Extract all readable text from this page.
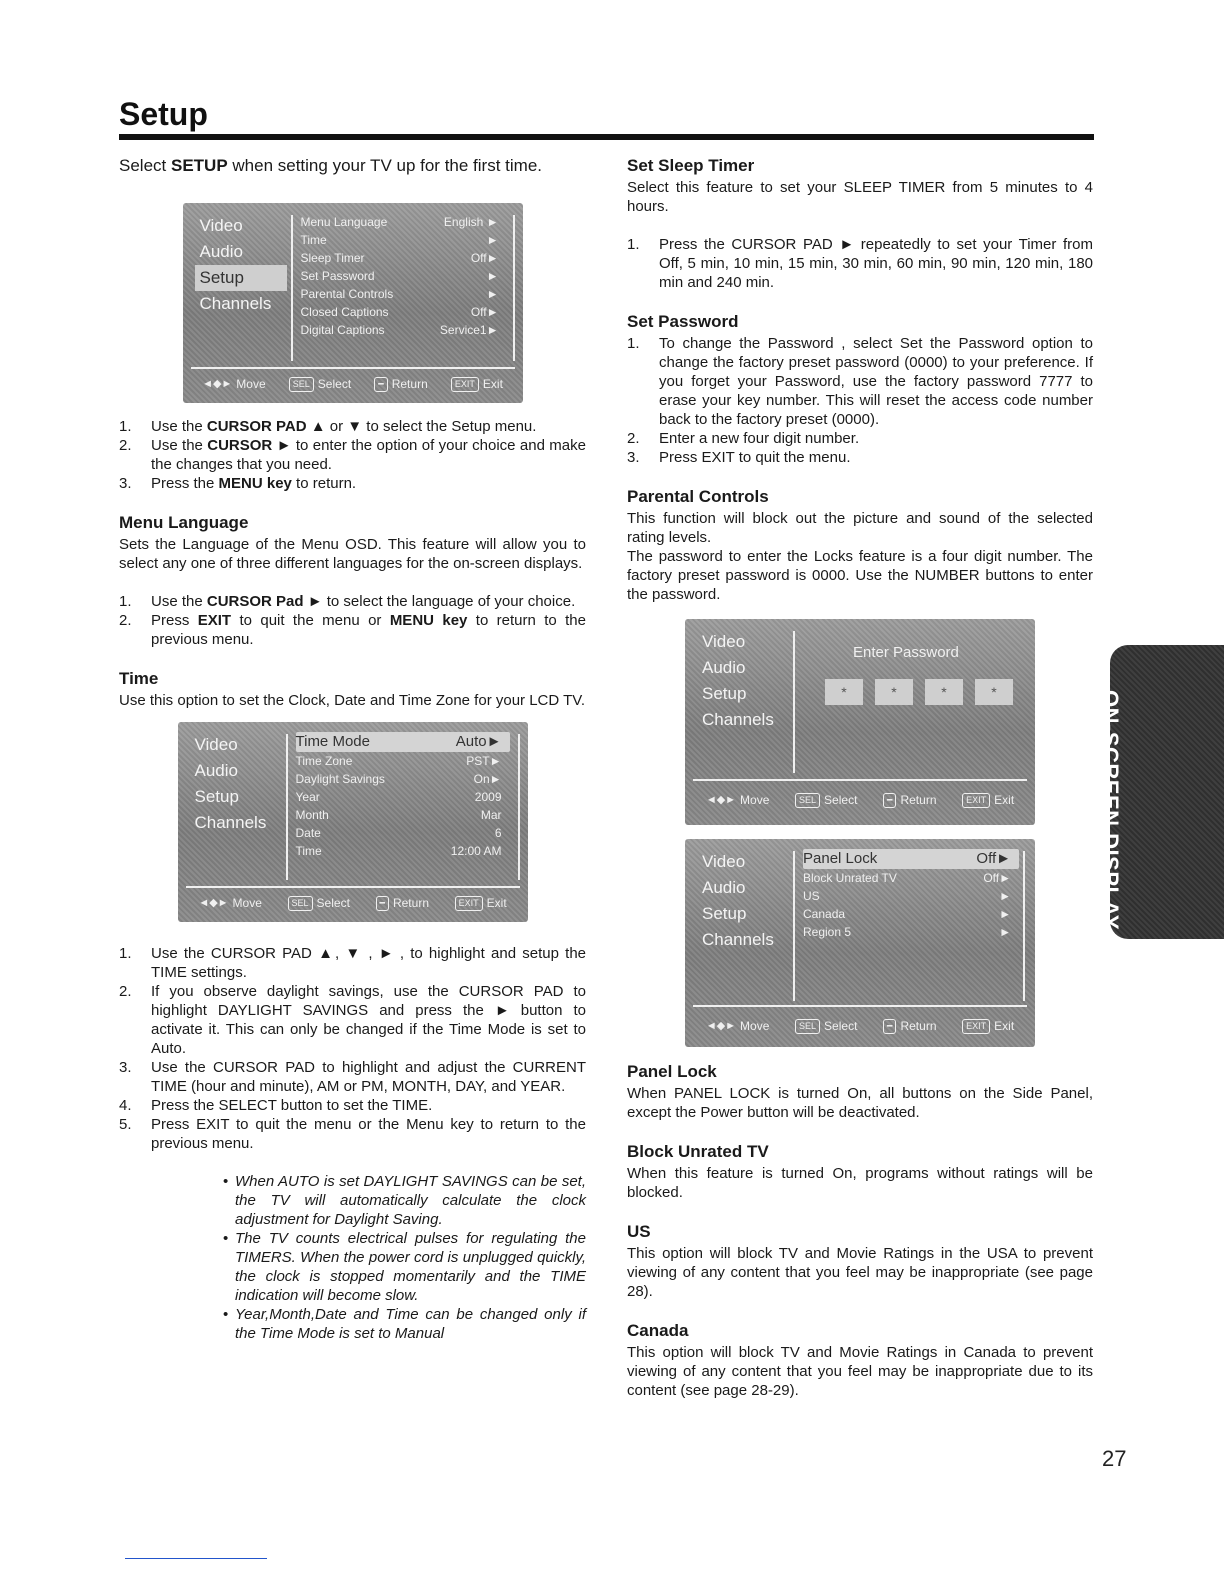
Setup

Select SETUP when setting your TV up for the first time.

Video
Audio
Setup
Channels
Menu Language	English ►
Time	►
Sleep Timer	Off►
Set Password	►
Parental Controls	►
Closed Captions	Off►
Digital Captions	Service1►
◄◆► Move	SEL Select	━ Return	EXIT Exit
1. Use the CURSOR PAD ▲ or ▼ to select the Setup menu.
2. Use the CURSOR ► to enter the option of your choice and make the changes that you need.
3. Press the MENU key to return.
Menu Language

Sets the Language of the Menu OSD. This feature will allow you to select any one of three different languages for the on-screen displays.

1. Use the CURSOR Pad ► to select the language of your choice.
2. Press EXIT to quit the menu or MENU key to return to the previous menu.
Time

Use this option to set the Clock, Date and Time Zone for your LCD TV.

Video
Audio
Setup
Channels
Time Mode	Auto►
Time Zone	PST►
Daylight Savings	On►
Year	2009
Month	Mar
Date	6
Time	12:00 AM
◄◆► Move	SEL Select	━ Return	EXIT Exit
1. Use the CURSOR PAD ▲, ▼ , ► , to highlight and setup the TIME settings.
2. If you observe daylight savings, use the CURSOR PAD to highlight DAYLIGHT SAVINGS and press the ► button to activate it. This can only be changed if the Time Mode is set to Auto.
3. Use the CURSOR PAD to highlight and adjust the CURRENT TIME (hour and minute), AM or PM, MONTH, DAY, and YEAR.
4. Press the SELECT button to set the TIME.
5. Press EXIT to quit the menu or the Menu key to return to the previous menu.
• When AUTO is set DAYLIGHT SAVINGS can be set, the TV will automatically calculate the clock adjustment for Daylight Saving.
• The TV counts electrical pulses for regulating the TIMERS. When the power cord is unplugged quickly, the clock is stopped momentarily and the TIME indication will become slow.
• Year,Month,Date and Time can be changed only if the Time Mode is set to Manual
Set Sleep Timer

Select this feature to set your SLEEP TIMER from 5 minutes to 4 hours.

1. Press the CURSOR PAD ► repeatedly to set your Timer from Off, 5 min, 10 min, 15 min, 30 min, 60 min, 90 min, 120 min, 180 min and 240 min.
Set Password
1. To change the Password , select Set the Password option to change the factory preset password (0000) to your preference. If you forget your Password, use the factory password 7777 to erase your key number. This will reset the access code number back to the factory preset (0000).
2. Enter a new four digit number.
3. Press EXIT to quit the menu.
Parental Controls

This function will block out the picture and sound of the selected rating levels.

The password to enter the Locks feature is a four digit number. The factory preset password is 0000. Use the NUMBER buttons to enter the password.

Video
Audio
Setup
Channels
Enter Password
*	*	*	*
◄◆► Move	SEL Select	━ Return	EXIT Exit
Video
Audio
Setup
Channels
Panel Lock	Off►
Block Unrated TV	Off►
US	►
Canada	►
Region 5	►
◄◆► Move	SEL Select	━ Return	EXIT Exit
Panel Lock

When PANEL LOCK is turned On, all buttons on the Side Panel, except the Power button will be deactivated.

Block Unrated TV

When this feature is turned On, programs without ratings will be blocked.

US

This option will block TV and Movie Ratings in the USA to prevent viewing of any content that you feel may be inappropriate (see page 28).

Canada

This option will block TV and Movie Ratings in Canada to prevent viewing of any content that you feel may be inappropriate due to its content (see page 28-29).

ON-SCREEN DISPLAY
27
